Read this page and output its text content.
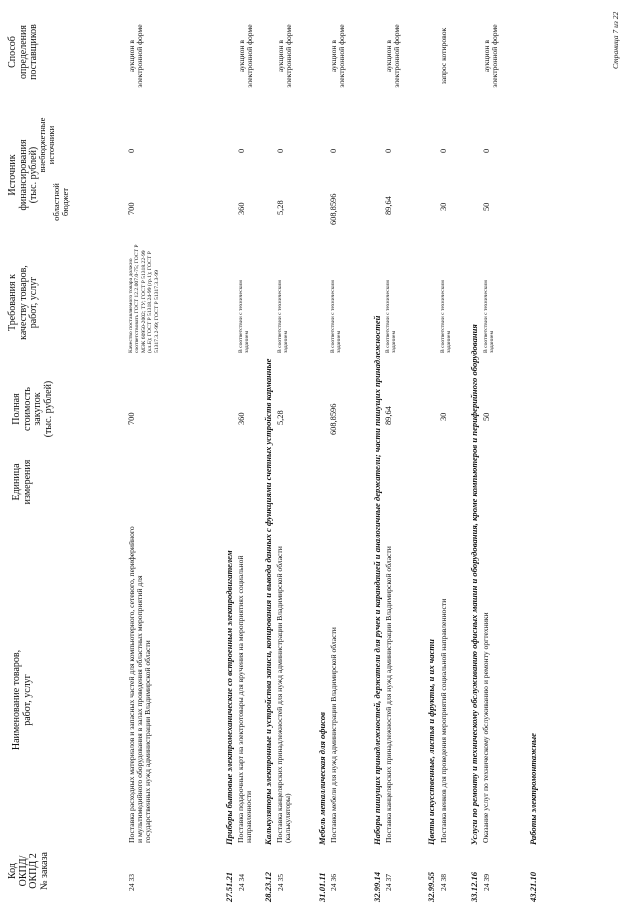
Код ОКПД/ ОКПД 2 № заказа
Наименование товаров, работ, услуг
Единица измерения
Полная стоимость закупок (тыс. рублей)
Требования к качеству товаров, работ, услуг
Источник финансирования (тыс. рублей) областной бюджет
внебюджетные источники
Способ определения поставщиков
24 33
Поставка расходных материалов и запасных частей для компьютерного, сетевого, периферийного и мультимедийного оборудования в залах проведения областных мероприятий для государственных нужд администрации Владимирской области
700
Качество поставляемого товара должно соответствовать ГОСТ 12.2.007.0-75; ГОСТ Р МЭК 60950-2002; ТУ; ГОСТ Р 51318.22-99 (кл.Б); ГОСТ Р 51318.24-99 (гр.1); ГОСТ Р 51317.3.2-99; ГОСТ Р 51317.3.3-99
700
0
аукцион в электронной форме
27.51.21
Приборы бытовые электромеханические со встроенным электродвигателем
24 34
Поставка подарочных карт на электротовары для вручения на мероприятиях социальной направленности
360
В соответствии с техническим заданием
360
0
аукцион в электронной форме
28.23.12
Калькуляторы электронные и устройства записи, копирования и вывода данных с функциями счетных устройств карманные
24 35
Поставка канцелярских принадлежностей для нужд администрации Владимирской области (калькуляторы)
5,28
В соответствии с техническим заданием
5,28
0
аукцион в электронной форме
31.01.11
Мебель металлическая для офисов
24 36
Поставка мебели для нужд администрации Владимирской области
608,8596
В соответствии с техническим заданием
608,8596
0
аукцион в электронной форме
32.99.14
Наборы пишущих принадлежностей, держатели для ручек и карандашей и аналогичные держатели; части пишущих принадлежностей
24 37
Поставка канцелярских принадлежностей для нужд администрации Владимирской области
89,64
В соответствии с техническим заданием
89,64
0
аукцион в электронной форме
32.99.55
Цветы искусственные, листья и фрукты, и их части
24 38
Поставка венков для проведения мероприятий социальной направленности
30
В соответствии с техническим заданием
30
0
запрос котировок
33.12.16
Услуги по ремонту и техническому обслуживанию офисных машин и оборудования, кроме компьютеров и периферийного оборудования
24 39
Оказание услуг по техническому обслуживанию и ремонту оргтехники
50
В соответствии с техническим заданием
50
0
аукцион в электронной форме
43.21.10
Работы электромонтажные
Страница 7 из 22
